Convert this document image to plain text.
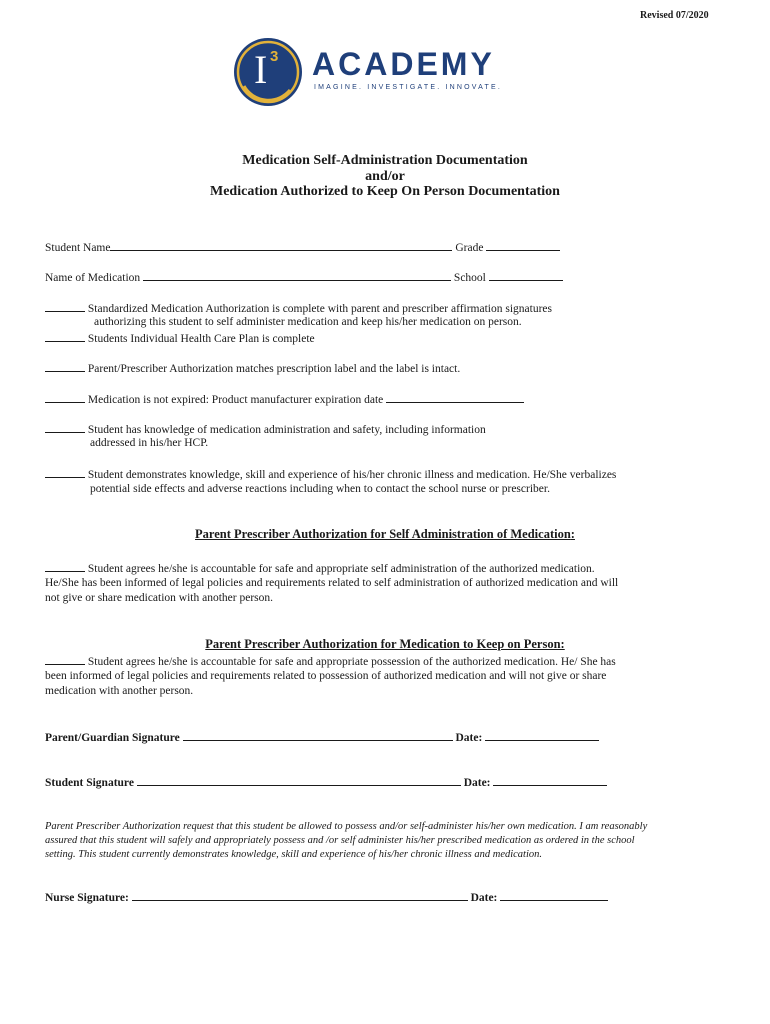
Revised 07/2020
I 3 ACADEMY
IMAGINE. INVESTIGATE. INNOVATE.
Medication Self-Administration Documentation
and/or
Medication Authorized to Keep On Person Documentation
Student Name	Grade
Name of Medication	School
Standardized Medication Authorization is complete with parent and prescriber affirmation signatures
authorizing this student to self administer medication and keep his/her medication on person.
Students Individual Health Care Plan is complete
Parent/Prescriber Authorization matches prescription label and the label is intact.
Medication is not expired: Product manufacturer expiration date
Student has knowledge of medication administration and safety, including information
addressed in his/her HCP.
Student demonstrates knowledge, skill and experience of his/her chronic illness and medication. He/She verbalizes
potential side effects and adverse reactions including when to contact the school nurse or prescriber.
Parent Prescriber Authorization for Self Administration of Medication:
Student agrees he/she is accountable for safe and appropriate self administration of the authorized medication.
He/She has been informed of legal policies and requirements related to self administration of authorized medication and will
not give or share medication with another person.
Parent Prescriber Authorization for Medication to Keep on Person:
Student agrees he/she is accountable for safe and appropriate possession of the authorized medication. He/ She has
been informed of legal policies and requirements related to possession of authorized medication and will not give or share
medication with another person.
Parent/Guardian Signature	Date:
Student Signature	Date:
Parent Prescriber Authorization request that this student be allowed to possess and/or self-administer his/her own medication. I am reasonably
assured that this student will safely and appropriately possess and /or self administer his/her prescribed medication as ordered in the school
setting. This student currently demonstrates knowledge, skill and experience of his/her chronic illness and medication.
Nurse Signature:	Date:
